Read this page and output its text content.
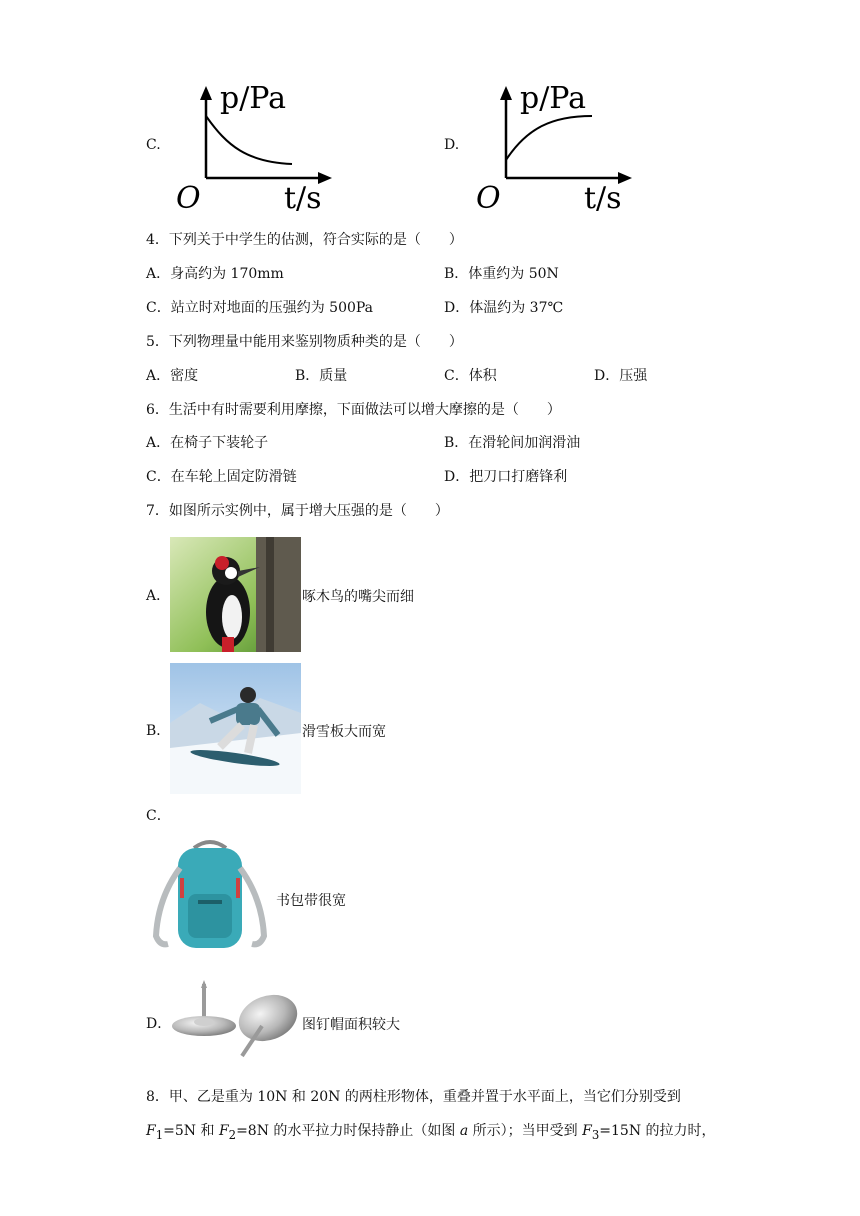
C.
p/Pa
O	t/s
D.
p/Pa
O	t/s
4．下列关于中学生的估测，符合实际的是（　　）
A．身高约为 170mm	B．体重约为 50N
C．站立时对地面的压强约为 500Pa	D．体温约为 37℃
5．下列物理量中能用来鉴别物质种类的是（　　）
A．密度	B．质量	C．体积	D．压强
6．生活中有时需要利用摩擦，下面做法可以增大摩擦的是（　　）
A．在椅子下装轮子	B．在滑轮间加润滑油
C．在车轮上固定防滑链	D．把刀口打磨锋利
7．如图所示实例中，属于增大压强的是（　　）
A．	啄木鸟的嘴尖而细
B．	滑雪板大而宽
C．
书包带很宽
D．	图钉帽面积较大
8．甲、乙是重为 10N 和 20N 的两柱形物体，重叠并置于水平面上，当它们分别受到
$F_1=5N$ 和 $F_2=8N$ 的水平拉力时保持静止（如图 a 所示）；当甲受到 $F_3=15N$ 的拉力时，
